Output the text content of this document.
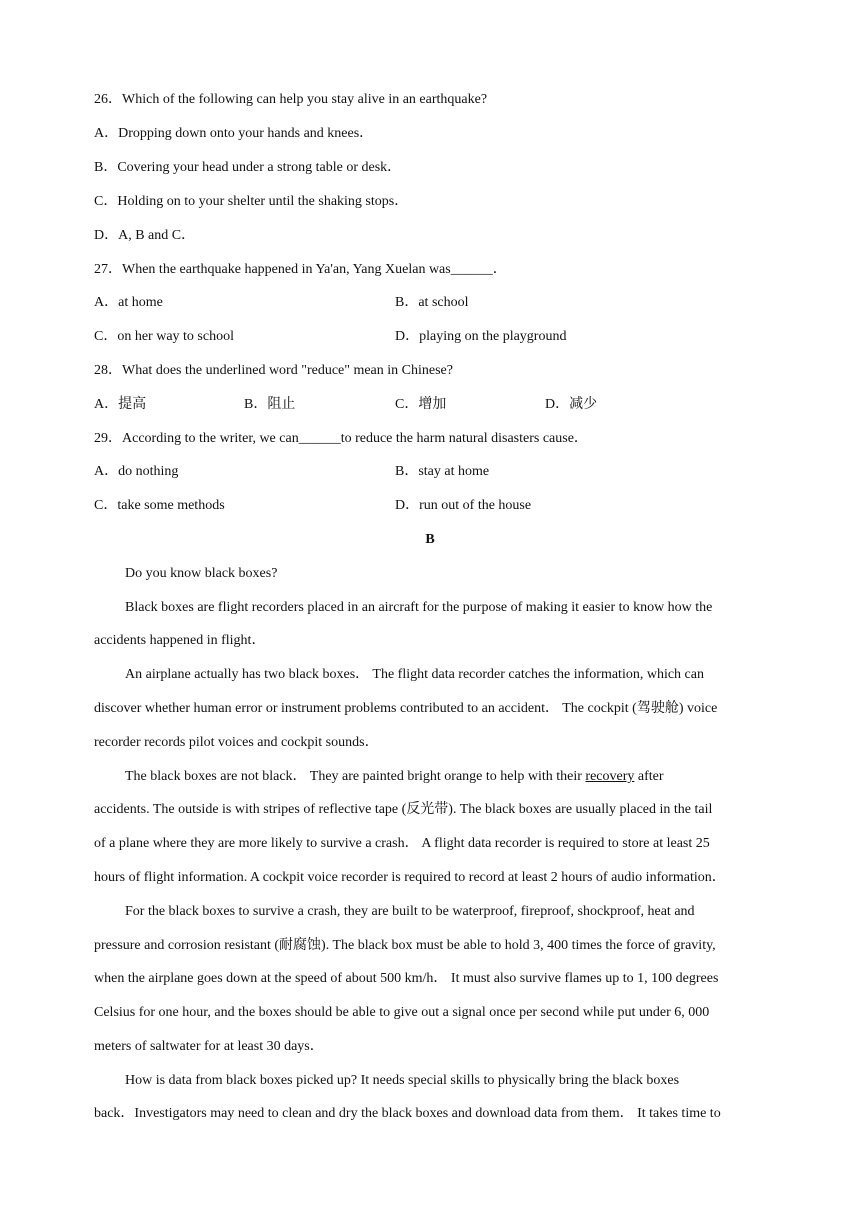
26．Which of the following can help you stay alive in an earthquake?
A．Dropping down onto your hands and knees．
B．Covering your head under a strong table or desk．
C．Holding on to your shelter until the shaking stops．
D．A, B and C．
27．When the earthquake happened in Ya'an, Yang Xuelan was______．
A．at home	B．at school
C．on her way to school	D．playing on the playground
28．What does the underlined word "reduce" mean in Chinese?
A．提高	B．阻止	C．增加	D．减少
29．According to the writer, we can______to reduce the harm natural disasters cause．
A．do nothing	B．stay at home
C．take some methods	D．run out of the house
B
Do you know black boxes?
Black boxes are flight recorders placed in an aircraft for the purpose of making it easier to know how the
accidents happened in flight．
An airplane actually has two black boxes． The flight data recorder catches the information, which can
discover whether human error or instrument problems contributed to an accident． The cockpit (驾驶舱) voice
recorder records pilot voices and cockpit sounds．
The black boxes are not black． They are painted bright orange to help with their recovery after
accidents. The outside is with stripes of reflective tape (反光带). The black boxes are usually placed in the tail
of a plane where they are more likely to survive a crash． A flight data recorder is required to store at least 25
hours of flight information. A cockpit voice recorder is required to record at least 2 hours of audio information．
For the black boxes to survive a crash, they are built to be waterproof, fireproof, shockproof, heat and
pressure and corrosion resistant (耐腐蚀). The black box must be able to hold 3, 400 times the force of gravity,
when the airplane goes down at the speed of about 500 km/h． It must also survive flames up to 1, 100 degrees
Celsius for one hour, and the boxes should be able to give out a signal once per second while put under 6, 000
meters of saltwater for at least 30 days．
How is data from black boxes picked up? It needs special skills to physically bring the black boxes
back．Investigators may need to clean and dry the black boxes and download data from them． It takes time to
